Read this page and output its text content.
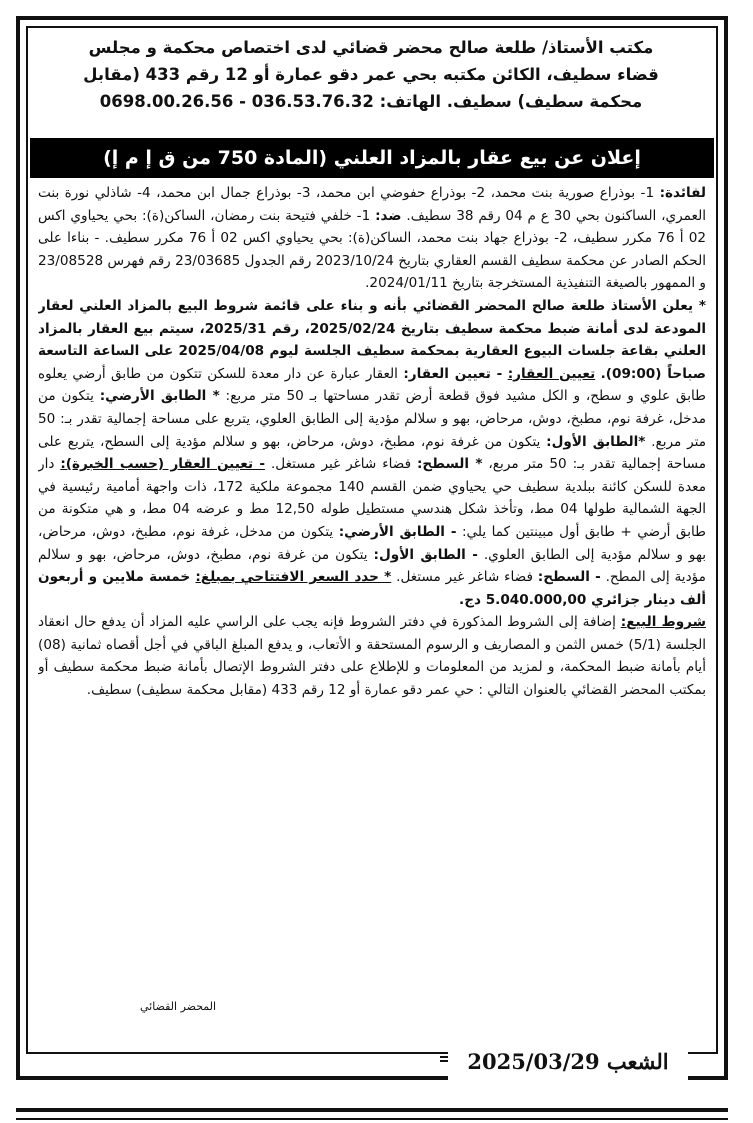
مكتب الأستاذ/ طلعة صالح محضر قضائي لدى اختصاص محكمة و مجلس
قضاء سطيف، الكائن مكتبه بحي عمر دقو عمارة أو 12 رقم 433 (مقابل
محكمة سطيف) سطيف. الهاتف: 036.53.76.32 - 0698.00.26.56
إعلان عن بيع عقار بالمزاد العلني (المادة 750 من ق إ م إ)

لفائدة: 1- بوذراع صورية بنت محمد، 2- بوذراع حفوضي ابن محمد، 3- بوذراع جمال ابن محمد، 4- شاذلي نورة بنت العمري، الساكنون بحي 30 ع م 04 رقم 38 سطيف. ضد: 1- خلفي فتيحة بنت رمضان، الساكن(ة): بحي يحياوي اكس 02 أ 76 مكرر سطيف، 2- بوذراع جهاد بنت محمد، الساكن(ة): بحي يحياوي اكس 02 أ 76 مكرر سطيف. - بناءا على الحكم الصادر عن محكمة سطيف القسم العقاري بتاريخ 2023/10/24 رقم الجدول 23/03685 رقم فهرس 23/08528 و الممهور بالصيغة التنفيذية المستخرجة بتاريخ 2024/01/11.

* يعلن الأستاذ طلعة صالح المحضر القضائي بأنه و بناء على قائمة شروط البيع بالمزاد العلني لعقار المودعة لدى أمانة ضبط محكمة سطيف بتاريخ 2025/02/24، رقم 2025/31، سيتم بيع العقار بالمزاد العلني بقاعة جلسات البيوع العقارية بمحكمة سطيف الجلسة ليوم 2025/04/08 على الساعة التاسعة صباحاً (09:00). تعيين العقار: - تعيين العقار: العقار عبارة عن دار معدة للسكن تتكون من طابق أرضي يعلوه طابق علوي و سطح، و الكل مشيد فوق قطعة أرض تقدر مساحتها بـ 50 متر مربع: * الطابق الأرضي: يتكون من مدخل، غرفة نوم، مطبخ، دوش، مرحاض، بهو و سلالم مؤدية إلى الطابق العلوي، يتربع على مساحة إجمالية تقدر بـ: 50 متر مربع. *الطابق الأول: يتكون من غرفة نوم، مطبخ، دوش، مرحاض، بهو و سلالم مؤدية إلى السطح، يتربع على مساحة إجمالية تقدر بـ: 50 متر مربع، * السطح: فضاء شاغر غير مستغل. - تعيين العقار (حسب الخبرة): دار معدة للسكن كائنة ببلدية سطيف حي يحياوي ضمن القسم 140 مجموعة ملكية 172، ذات واجهة أمامية رئيسية في الجهة الشمالية طولها 04 مط، وتأخذ شكل هندسي مستطيل طوله 12,50 مط و عرضه 04 مط، و هي متكونة من طابق أرضي + طابق أول مبينتين كما يلي: - الطابق الأرضي: يتكون من مدخل، غرفة نوم، مطبخ، دوش، مرحاض، بهو و سلالم مؤدية إلى الطابق العلوي. - الطابق الأول: يتكون من غرفة نوم، مطبخ، دوش، مرحاض، بهو و سلالم مؤدية إلى المطح. - السطح: فضاء شاغر غير مستغل. * حدد السعر الافتتاحي بمبلغ: خمسة ملايين و أربعون ألف دينار جزائري 5.040.000,00 دج.

شروط البيع: إضافة إلى الشروط المذكورة في دفتر الشروط فإنه يجب على الراسي عليه المزاد أن يدفع حال انعقاد الجلسة (5/1) خمس الثمن و المصاريف و الرسوم المستحقة و الأتعاب، و يدفع المبلغ الباقي في أجل أقصاه ثمانية (08) أيام بأمانة ضبط المحكمة، و لمزيد من المعلومات و للإطلاع على دفتر الشروط الإتصال بأمانة ضبط محكمة سطيف أو بمكتب المحضر القضائي بالعنوان التالي : حي عمر دقو عمارة أو 12 رقم 433 (مقابل محكمة سطيف) سطيف.

المحضر القضائي
الشعب 2025/03/29
